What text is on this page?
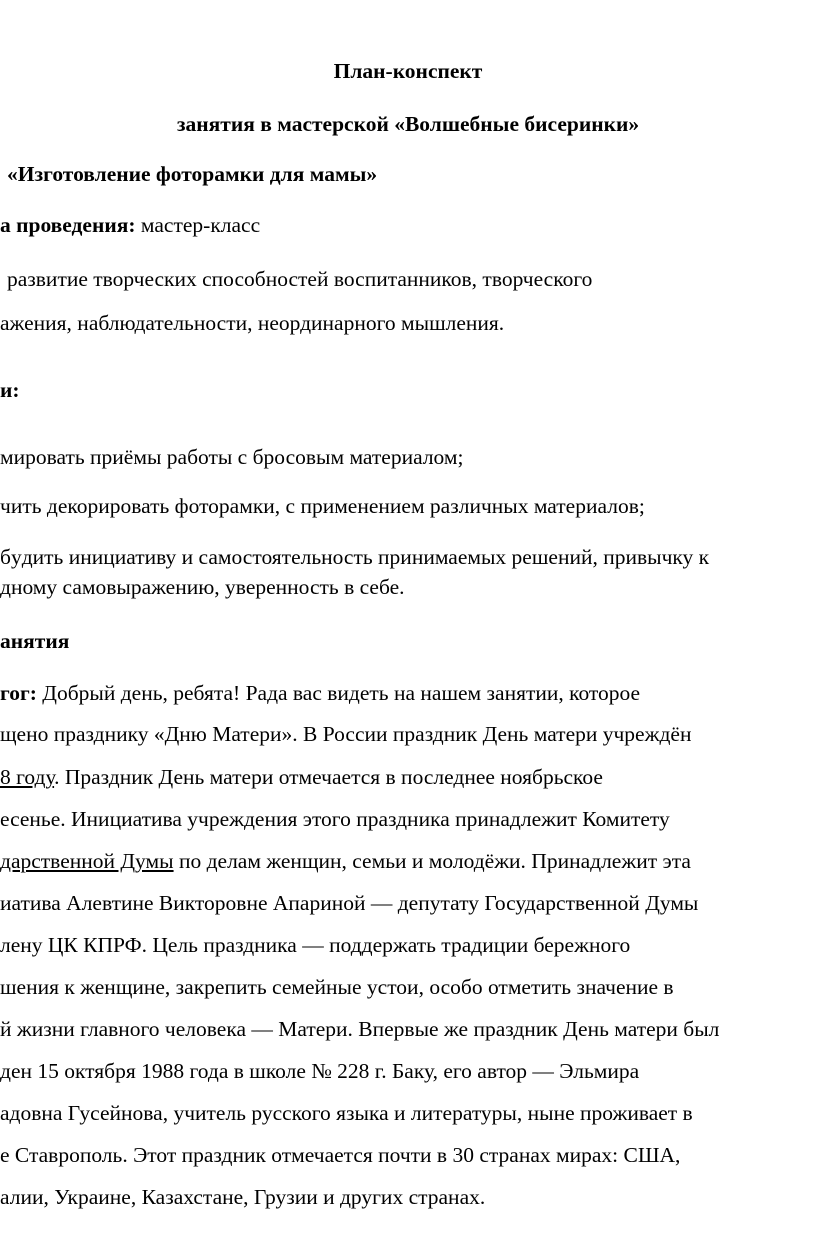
План-конспект
занятия в мастерской «Волшебные бисеринки»
«Изготовление фоторамки для мамы»
а проведения: мастер-класс
развитие творческих способностей воспитанников, творческого
ажения, наблюдательности, неординарного мышления.
и:
мировать приёмы работы с бросовым материалом;
чить декорировать фоторамки, с применением различных материалов;
бyдить инициативу и самостоятельность принимаемых решений, привычку к
дному самовыражению, уверенность в себе.
анятия
гог: Добрый день, ребята! Рада вас видеть на нашем занятии, которое
щено празднику «Дню Матери». В России праздник День матери учреждён
8 году. Праздник День матери отмечается в последнее ноябрьское
есенье. Инициатива учреждения этого праздника принадлежит Комитету
дарственной Думы по делам женщин, семьи и молодёжи. Принадлежит эта
иатива Алевтине Викторовне Апариной — депутату Государственной Думы
лену ЦК КПРФ. Цель праздника — поддержать традиции бережного
шения к женщине, закрепить семейные устои, особо отметить значение в
й жизни главного человека — Матери. Впервые же праздник День матери был
ден 15 октября 1988 года в школе № 228 г. Баку, его автор — Эльмира
адовна Гусейнова, учитель русского языка и литературы, ныне проживает в
е Ставрополь. Этот праздник отмечается почти в 30 странах мирах: США,
алии, Украине, Казахстане, Грузии и других странах.
